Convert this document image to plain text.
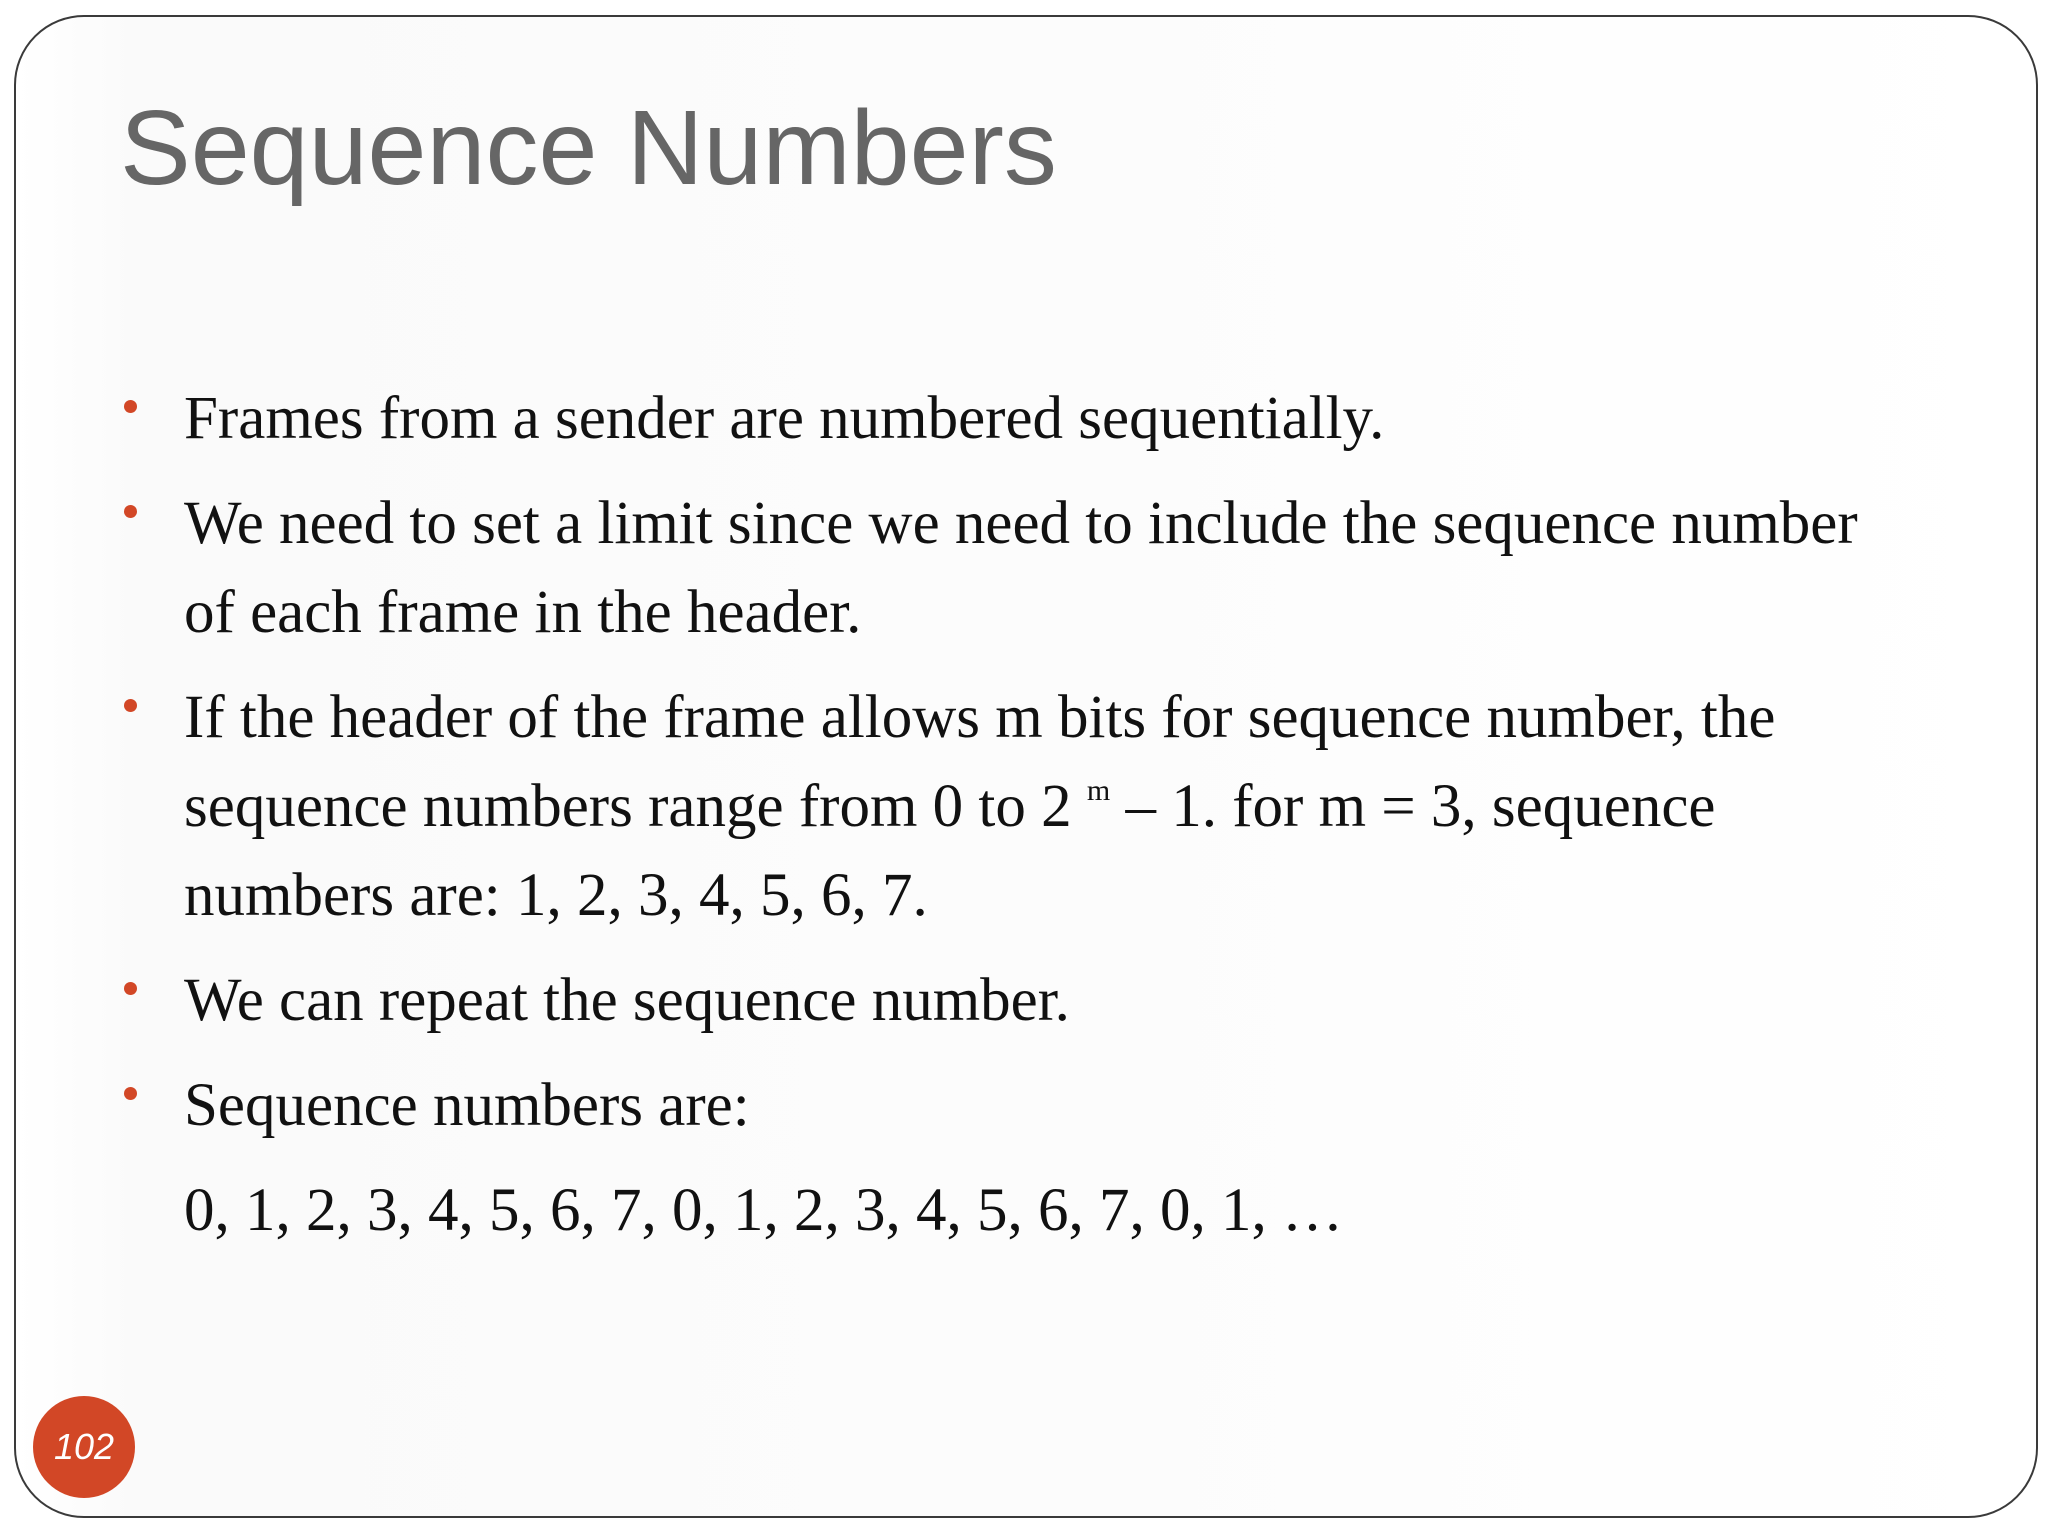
Sequence Numbers
Frames from a sender are numbered sequentially.
We need to set a limit since we need to include the sequence number of each frame in the header.
If the header of the frame allows m bits for sequence number, the sequence numbers range from 0 to 2 $^m$ – 1. for m = 3, sequence numbers are: 1, 2, 3, 4, 5, 6, 7.
We can repeat the sequence number.
Sequence numbers are:
0, 1, 2, 3, 4, 5, 6, 7, 0, 1, 2, 3, 4, 5, 6, 7, 0, 1, …
102
